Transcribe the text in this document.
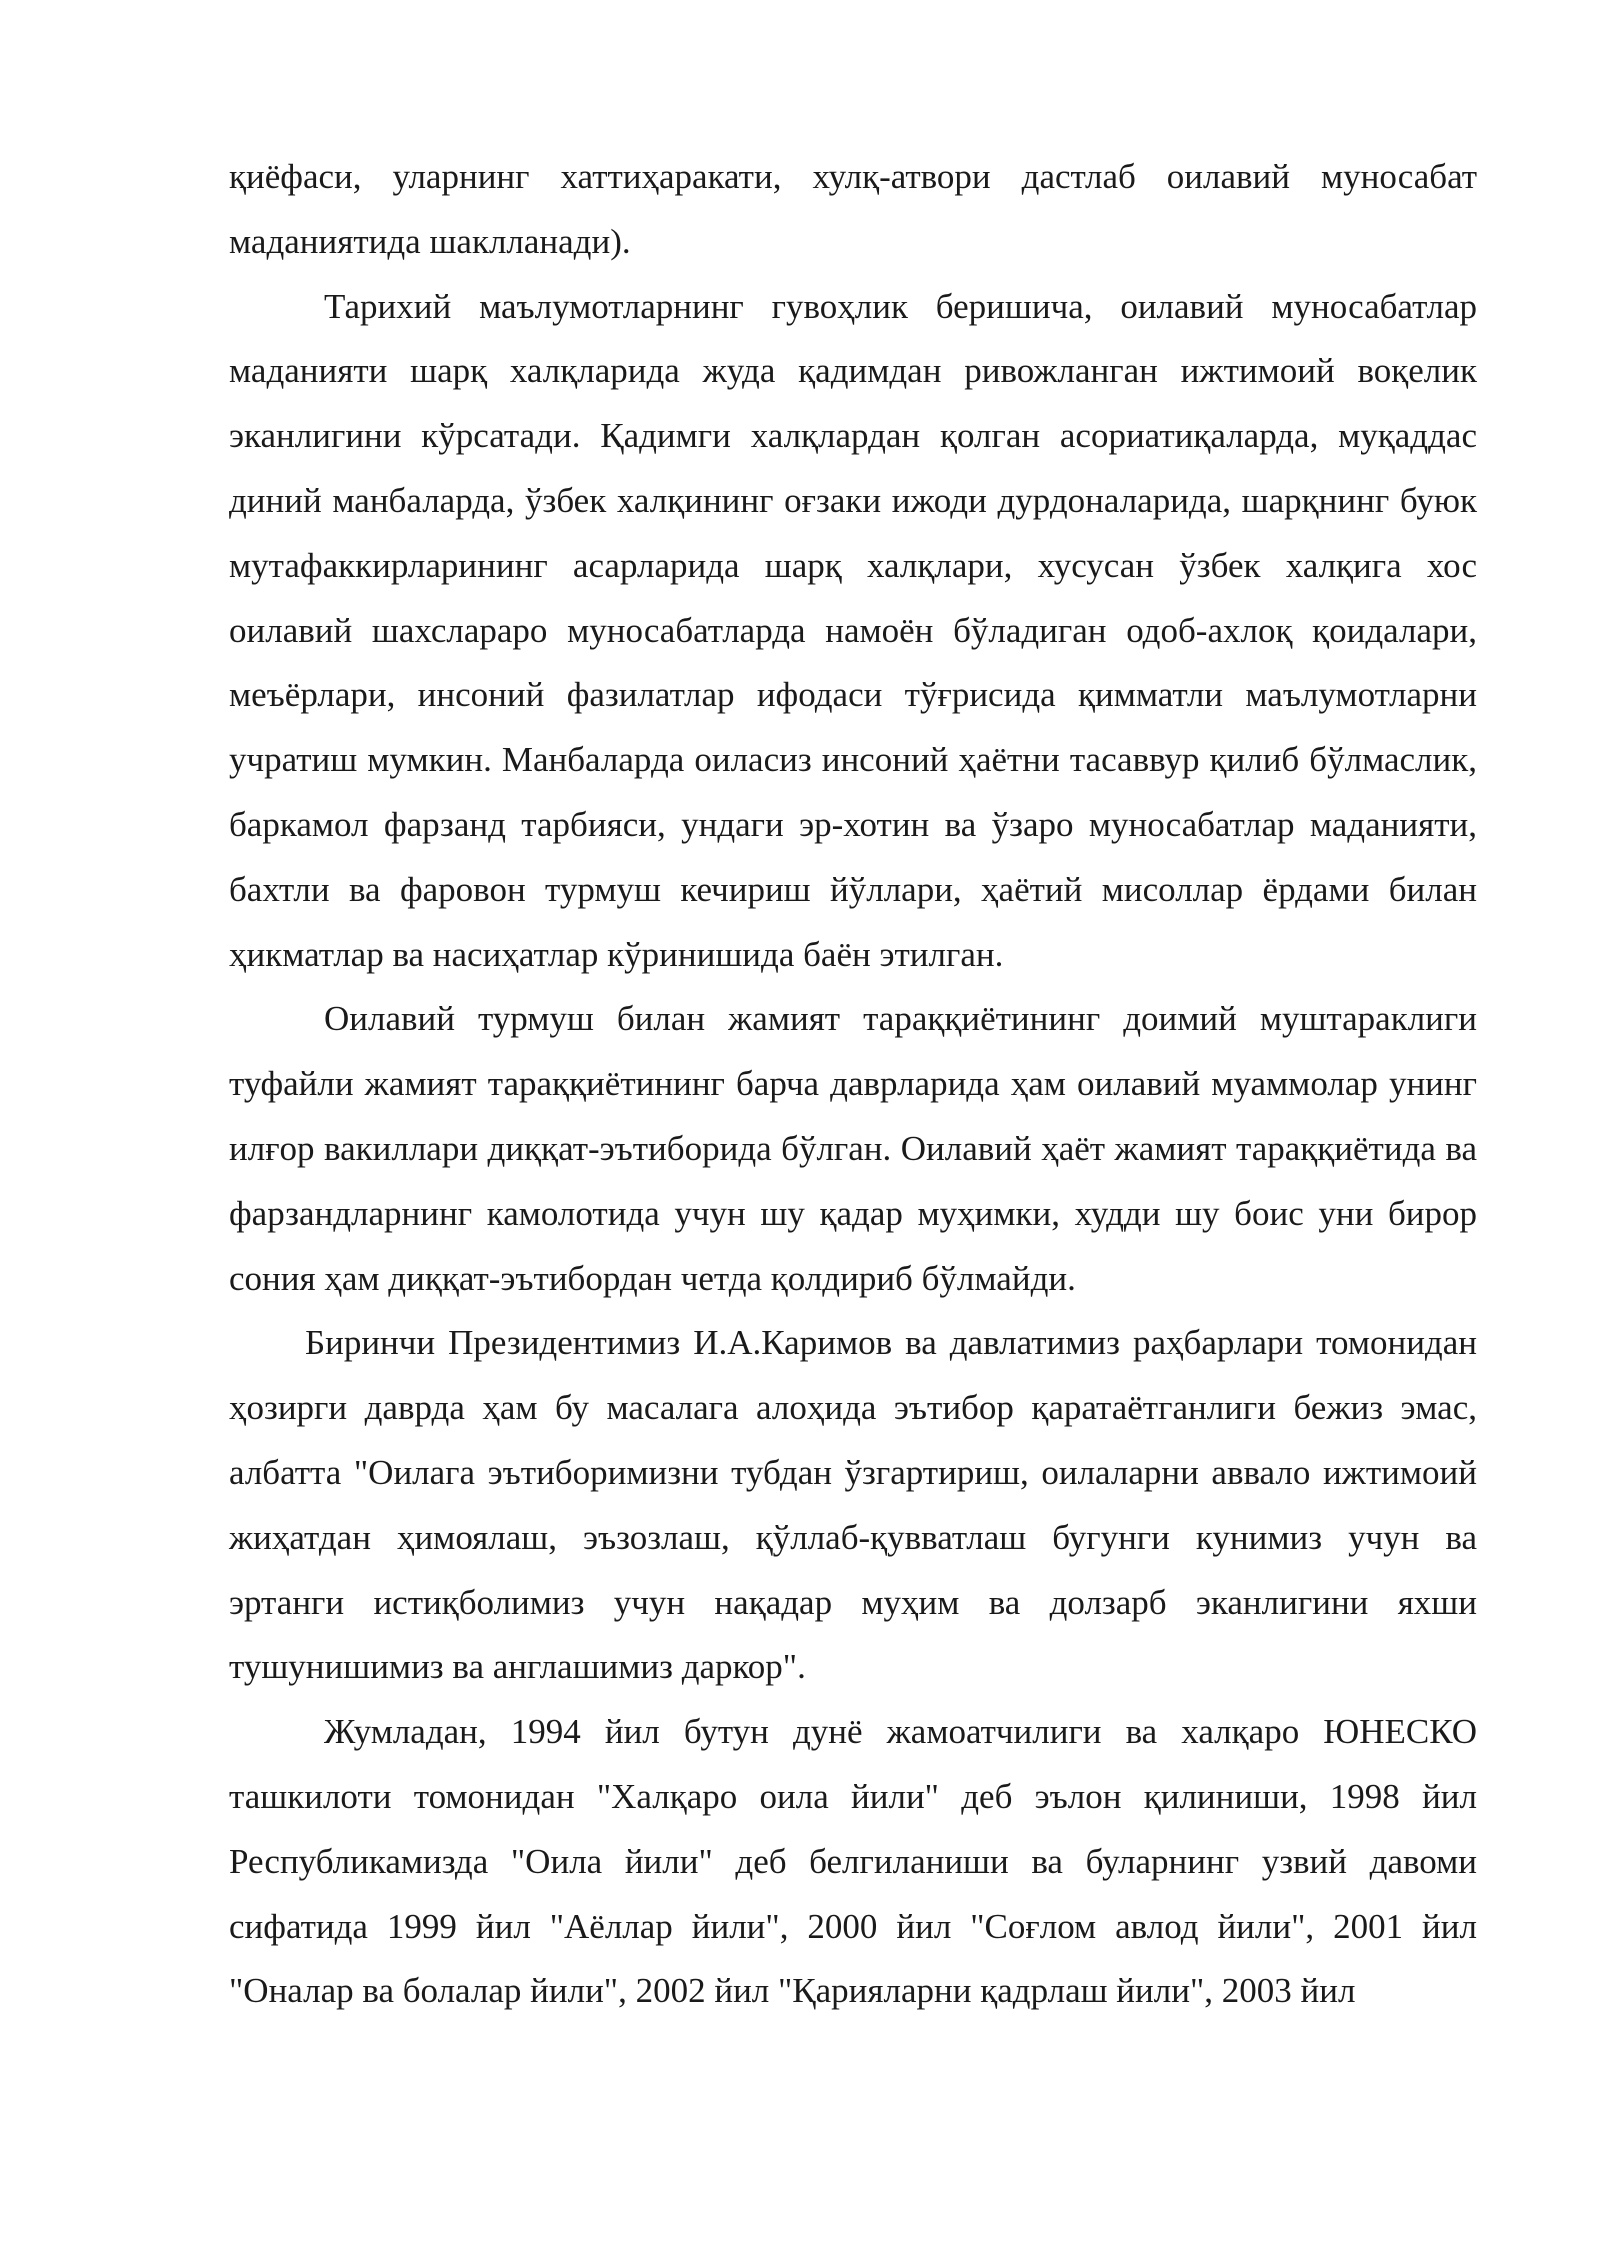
қиёфаси, уларнинг хаттиҳаракати, хулқ-атвори дастлаб оилавий муносабат маданиятида шаклланади).

Тарихий маълумотларнинг гувоҳлик беришича, оилавий муносабатлар маданияти шарқ халқларида жуда қадимдан ривожланган ижтимоий воқелик эканлигини кўрсатади. Қадимги халқлардан қолган асориатиқаларда, муқаддас диний манбаларда, ўзбек халқининг оғзаки ижоди дурдоналарида, шарқнинг буюк мутафаккирларининг асарларида шарқ халқлари, хусусан ўзбек халқига хос оилавий шахслараро муносабатларда намоён бўладиган одоб-ахлоқ қоидалари, меъёрлари, инсоний фазилатлар ифодаси тўғрисида қимматли маълумотларни учратиш мумкин. Манбаларда оиласиз инсоний ҳаётни тасаввур қилиб бўлмаслик, баркамол фарзанд тарбияси, ундаги эр-хотин ва ўзаро муносабатлар маданияти, бахтли ва фаровон турмуш кечириш йўллари, ҳаётий мисоллар ёрдами билан ҳикматлар ва насиҳатлар кўринишида баён этилган.

Оилавий турмуш билан жамият тараққиётининг доимий муштараклиги туфайли жамият тараққиётининг барча даврларида ҳам оилавий муаммолар унинг илғор вакиллари диққат-эътиборида бўлган. Оилавий ҳаёт жамият тараққиётида ва фарзандларнинг камолотида учун шу қадар муҳимки, худди шу боис уни бирор сония ҳам диққат-эътибордан четда қолдириб бўлмайди.

Биринчи Президентимиз И.А.Каримов ва давлатимиз раҳбарлари томонидан ҳозирги даврда ҳам бу масалага алоҳида эътибор қаратаётганлиги бежиз эмас, албатта "Оилага эътиборимизни тубдан ўзгартириш, оилаларни аввало ижтимоий жиҳатдан ҳимоялаш, эъзозлаш, қўллаб-қувватлаш бугунги кунимиз учун ва эртанги истиқболимиз учун нақадар муҳим ва долзарб эканлигини яхши тушунишимиз ва англашимиз даркор".

Жумладан, 1994 йил бутун дунё жамоатчилиги ва халқаро ЮНЕСКО ташкилоти томонидан "Халқаро оила йили" деб эълон қилиниши, 1998 йил Республикамизда "Оила йили" деб белгиланиши ва буларнинг узвий давоми сифатида 1999 йил "Аёллар йили", 2000 йил "Соғлом авлод йили", 2001 йил "Оналар ва болалар йили", 2002 йил "Қарияларни қадрлаш йили", 2003 йил
